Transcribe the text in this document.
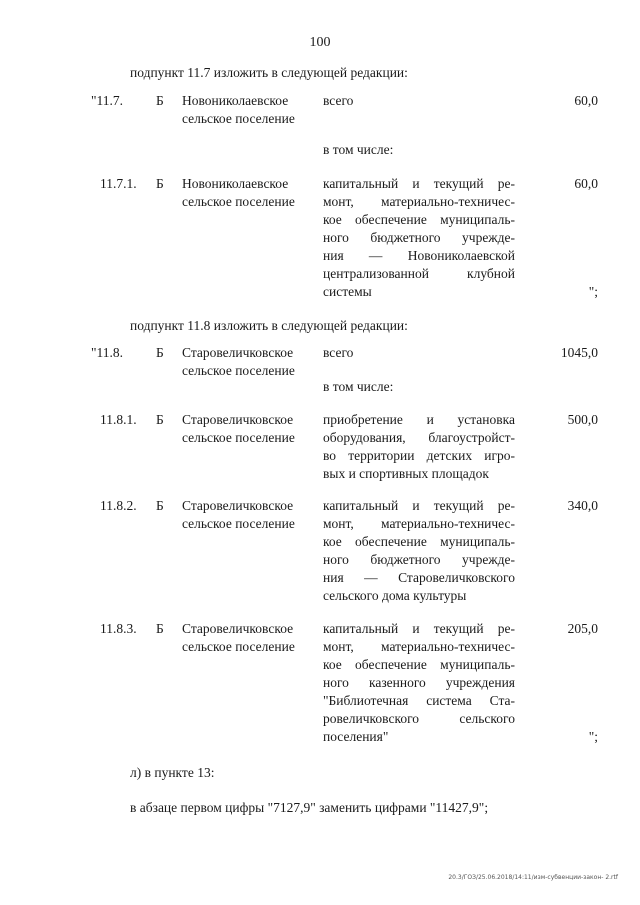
100
подпункт 11.7 изложить в следующей редакции:
"11.7. Б Новониколаевское
сельское поселение
всего	60,0
в том числе:
11.7.1. Б Новониколаевское
сельское поселение
капитальный и текущий ре-
монт, материально-техничес-
кое обеспечение муниципаль-
ного бюджетного учрежде-
ния — Новониколаевской
централизованной клубной
системы
60,0
";
подпункт 11.8 изложить в следующей редакции:
"11.8. Б Старовеличковское
сельское поселение
всего	1045,0
в том числе:
11.8.1. Б Старовеличковское
сельское поселение
приобретение и установка
оборудования, благоустройст-
во территории детских игро-
вых и спортивных площадок
500,0
11.8.2. Б Старовеличковское
сельское поселение
капитальный и текущий ре-
монт, материально-техничес-
кое обеспечение муниципаль-
ного бюджетного учрежде-
ния — Старовеличковского
сельского дома культуры
340,0
11.8.3. Б Старовеличковское
сельское поселение
капитальный и текущий ре-
монт, материально-техничес-
кое обеспечение муниципаль-
ного казенного учреждения
"Библиотечная система Ста-
ровеличковского сельского
поселения"
205,0
";
л) в пункте 13:
в абзаце первом цифры "7127,9" заменить цифрами "11427,9";
20.3/ГОЗ/25.06.2018/14:11/изм-субвенции-закон- 2.rtf
